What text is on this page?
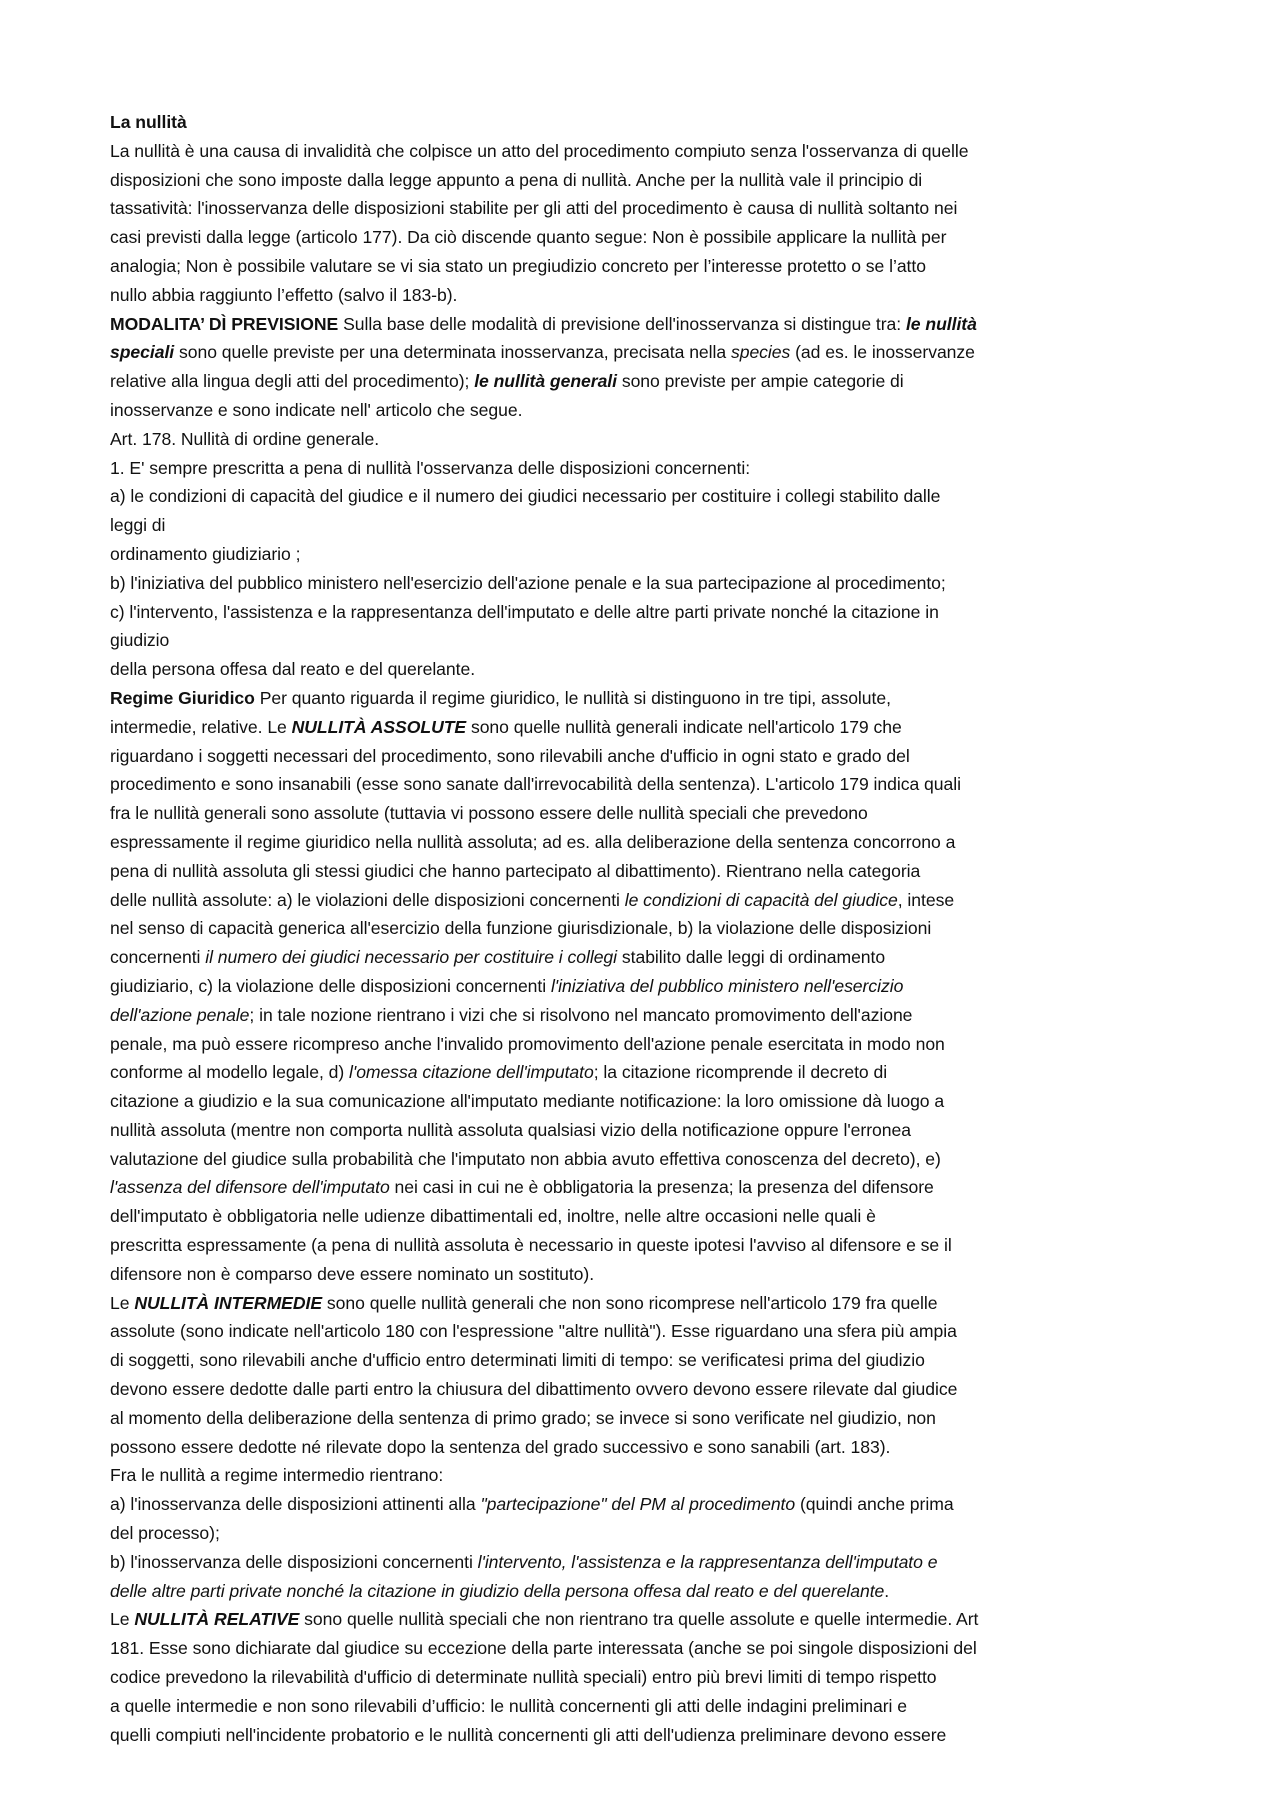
La nullità
La nullità è una causa di invalidità che colpisce un atto del procedimento compiuto senza l'osservanza di quelle
disposizioni che sono imposte dalla legge appunto a pena di nullità. Anche per la nullità vale il principio di
tassatività: l'inosservanza delle disposizioni stabilite per gli atti del procedimento è causa di nullità soltanto nei
casi previsti dalla legge (articolo 177). Da ciò discende quanto segue: Non è possibile applicare la nullità per
analogia; Non è possibile valutare se vi sia stato un pregiudizio concreto per l’interesse protetto o se l’atto
nullo abbia raggiunto l’effetto (salvo il 183-b).
MODALITA’ DÌ PREVISIONE Sulla base delle modalità di previsione dell'inosservanza si distingue tra: le nullità
speciali sono quelle previste per una determinata inosservanza, precisata nella species (ad es. le inosservanze
relative alla lingua degli atti del procedimento); le nullità generali sono previste per ampie categorie di
inosservanze e sono indicate nell' articolo che segue.
Art. 178. Nullità di ordine generale.
1. E' sempre prescritta a pena di nullità l'osservanza delle disposizioni concernenti:
a) le condizioni di capacità del giudice e il numero dei giudici necessario per costituire i collegi stabilito dalle
leggi di
ordinamento giudiziario ;
b) l'iniziativa del pubblico ministero nell'esercizio dell'azione penale e la sua partecipazione al procedimento;
c) l'intervento, l'assistenza e la rappresentanza dell'imputato e delle altre parti private nonché la citazione in
giudizio
della persona offesa dal reato e del querelante.
Regime Giuridico Per quanto riguarda il regime giuridico, le nullità si distinguono in tre tipi, assolute,
intermedie, relative. Le NULLITÀ ASSOLUTE sono quelle nullità generali indicate nell'articolo 179 che
riguardano i soggetti necessari del procedimento, sono rilevabili anche d'ufficio in ogni stato e grado del
procedimento e sono insanabili (esse sono sanate dall'irrevocabilità della sentenza). L'articolo 179 indica quali
fra le nullità generali sono assolute (tuttavia vi possono essere delle nullità speciali che prevedono
espressamente il regime giuridico nella nullità assoluta; ad es. alla deliberazione della sentenza concorrono a
pena di nullità assoluta gli stessi giudici che hanno partecipato al dibattimento). Rientrano nella categoria
delle nullità assolute: a) le violazioni delle disposizioni concernenti le condizioni di capacità del giudice, intese
nel senso di capacità generica all'esercizio della funzione giurisdizionale, b) la violazione delle disposizioni
concernenti il numero dei giudici necessario per costituire i collegi stabilito dalle leggi di ordinamento
giudiziario, c) la violazione delle disposizioni concernenti l'iniziativa del pubblico ministero nell'esercizio
dell'azione penale; in tale nozione rientrano i vizi che si risolvono nel mancato promovimento dell'azione
penale, ma può essere ricompreso anche l'invalido promovimento dell'azione penale esercitata in modo non
conforme al modello legale, d) l'omessa citazione dell'imputato; la citazione ricomprende il decreto di
citazione a giudizio e la sua comunicazione all'imputato mediante notificazione: la loro omissione dà luogo a
nullità assoluta (mentre non comporta nullità assoluta qualsiasi vizio della notificazione oppure l'erronea
valutazione del giudice sulla probabilità che l'imputato non abbia avuto effettiva conoscenza del decreto), e)
l'assenza del difensore dell'imputato nei casi in cui ne è obbligatoria la presenza; la presenza del difensore
dell'imputato è obbligatoria nelle udienze dibattimentali ed, inoltre, nelle altre occasioni nelle quali è
prescritta espressamente (a pena di nullità assoluta è necessario in queste ipotesi l'avviso al difensore e se il
difensore non è comparso deve essere nominato un sostituto).
Le NULLITÀ INTERMEDIE sono quelle nullità generali che non sono ricomprese nell'articolo 179 fra quelle
assolute (sono indicate nell'articolo 180 con l'espressione "altre nullità"). Esse riguardano una sfera più ampia
di soggetti, sono rilevabili anche d'ufficio entro determinati limiti di tempo: se verificatesi prima del giudizio
devono essere dedotte dalle parti entro la chiusura del dibattimento ovvero devono essere rilevate dal giudice
al momento della deliberazione della sentenza di primo grado; se invece si sono verificate nel giudizio, non
possono essere dedotte né rilevate dopo la sentenza del grado successivo e sono sanabili (art. 183).
Fra le nullità a regime intermedio rientrano:
a) l'inosservanza delle disposizioni attinenti alla "partecipazione" del PM al procedimento (quindi anche prima
del processo);
b) l'inosservanza delle disposizioni concernenti l'intervento, l'assistenza e la rappresentanza dell'imputato e
delle altre parti private nonché la citazione in giudizio della persona offesa dal reato e del querelante.
Le NULLITÀ RELATIVE sono quelle nullità speciali che non rientrano tra quelle assolute e quelle intermedie. Art
181. Esse sono dichiarate dal giudice su eccezione della parte interessata (anche se poi singole disposizioni del
codice prevedono la rilevabilità d'ufficio di determinate nullità speciali) entro più brevi limiti di tempo rispetto
a quelle intermedie e non sono rilevabili d’ufficio: le nullità concernenti gli atti delle indagini preliminari e
quelli compiuti nell'incidente probatorio e le nullità concernenti gli atti dell'udienza preliminare devono essere
